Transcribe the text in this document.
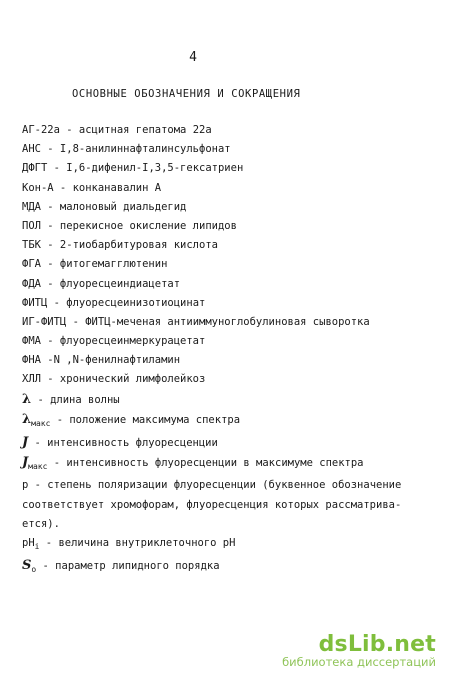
4
ОСНОВНЫЕ ОБОЗНАЧЕНИЯ И СОКРАЩЕНИЯ
АГ-22а - асцитная гепатома 22а
АНС - I,8-анилиннафталинсульфонат
ДФГТ - I,6-дифенил-I,3,5-гексатриен
Кон-А - конканавалин А
МДА - малоновый диальдегид
ПОЛ - перекисное окисление липидов
ТБК - 2-тиобарбитуровая кислота
ФГА - фитогемагглютенин
ФДА - флуоресцеиндиацетат
ФИТЦ - флуоресцеинизотиоцинат
ИГ-ФИТЦ - ФИТЦ-меченая антииммуноглобулиновая сыворотка
ФМА - флуоресцеинмеркурацетат
ФНА -N ,N-фенилнафтиламин
ХЛЛ - хронический лимфолейкоз
λ - длина волны
$\lambda_{макс}$ - положение максимума спектра
J - интенсивность флуоресценции
$J_{макс}$ - интенсивность флуоресценции в максимуме спектра
p - степень поляризации флуоресценции (буквенное обозначение
соответствует хромофорам, флуоресценция которых рассматрива-
ется).
$pH_i$ - величина внутриклеточного рН
$S_o$ - параметр липидного порядка
dsLib.net
библиотека диссертаций
